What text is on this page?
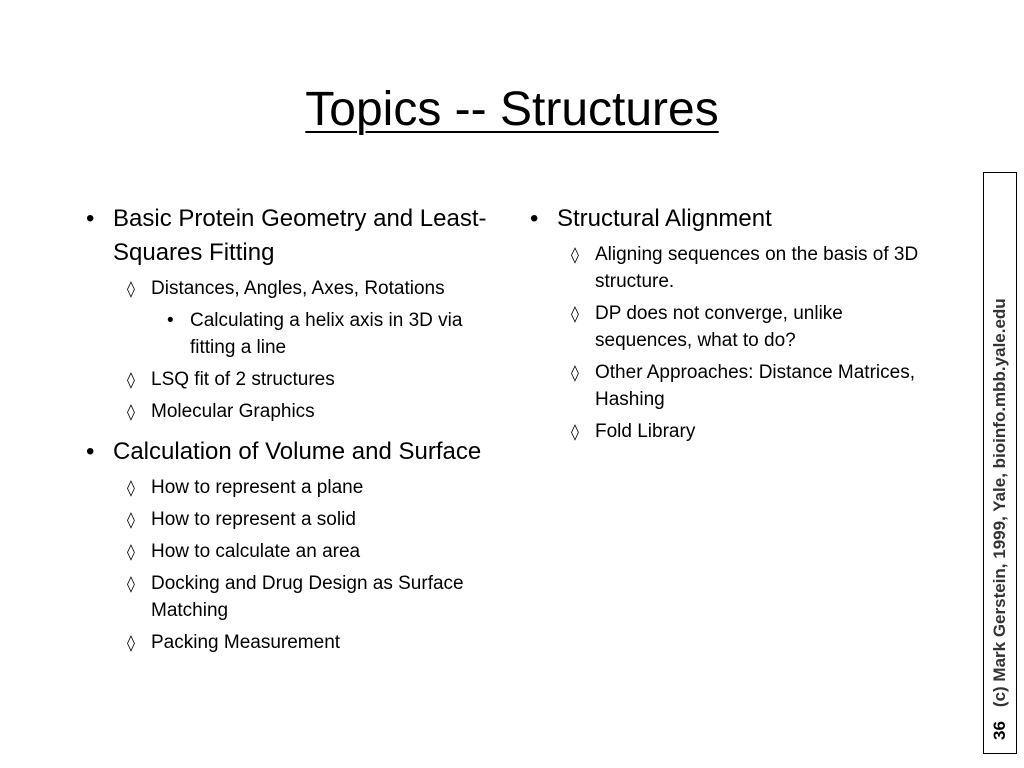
Topics -- Structures
• Basic Protein Geometry and Least-Squares Fitting
◊ Distances, Angles, Axes, Rotations
• Calculating a helix axis in 3D via fitting a line
◊ LSQ fit of 2 structures
◊ Molecular Graphics
• Calculation of Volume and Surface
◊ How to represent a plane
◊ How to represent a solid
◊ How to calculate an area
◊ Docking and Drug Design as Surface Matching
◊ Packing Measurement
• Structural Alignment
◊ Aligning sequences on the basis of 3D structure.
◊ DP does not converge, unlike sequences, what to do?
◊ Other Approaches: Distance Matrices, Hashing
◊ Fold Library
36(c) Mark Gerstein, 1999, Yale, bioinfo.mbb.yale.edu
